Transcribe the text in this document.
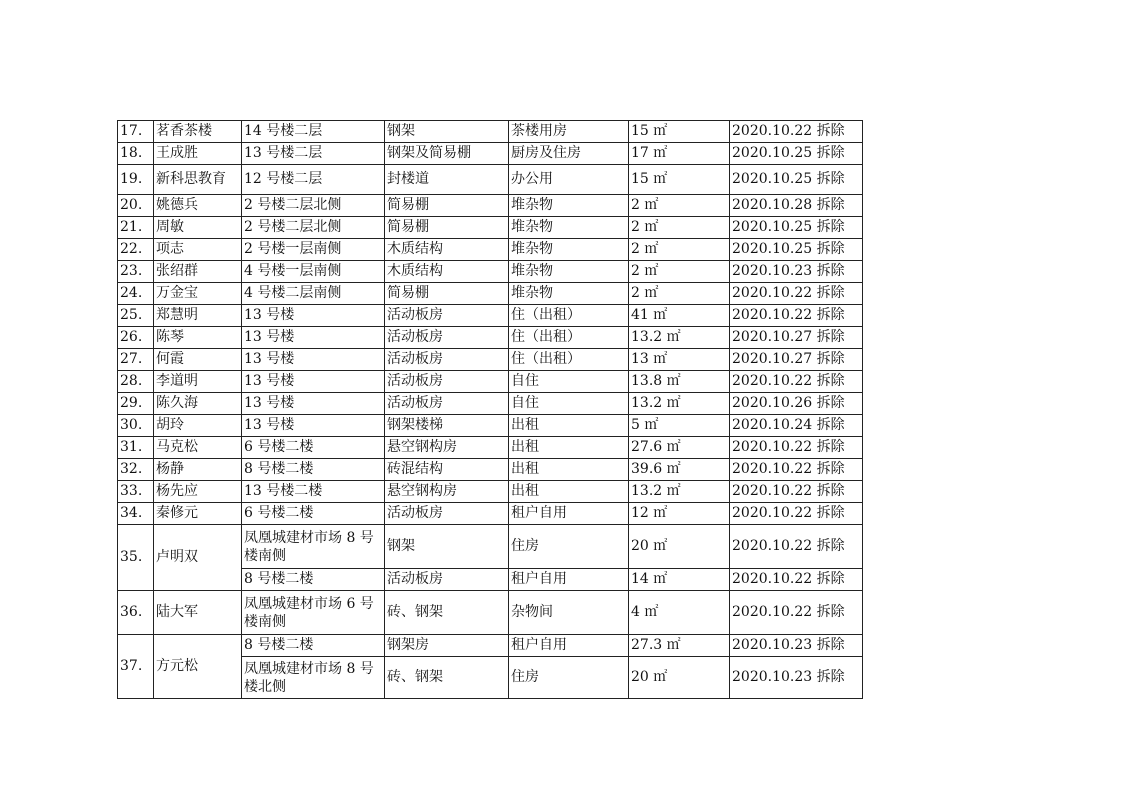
17.	茗香茶楼	14 号楼二层	钢架	茶楼用房	15 ㎡	2020.10.22 拆除
18.	王成胜	13 号楼二层	钢架及简易棚	厨房及住房	17 ㎡	2020.10.25 拆除
19.	新科思教育	12 号楼二层	封楼道	办公用	15 ㎡	2020.10.25 拆除
20.	姚德兵	2 号楼二层北侧	简易棚	堆杂物	2 ㎡	2020.10.28 拆除
21.	周敏	2 号楼二层北侧	简易棚	堆杂物	2 ㎡	2020.10.25 拆除
22.	项志	2 号楼一层南侧	木质结构	堆杂物	2 ㎡	2020.10.25 拆除
23.	张绍群	4 号楼一层南侧	木质结构	堆杂物	2 ㎡	2020.10.23 拆除
24.	万金宝	4 号楼二层南侧	简易棚	堆杂物	2 ㎡	2020.10.22 拆除
25.	郑慧明	13 号楼	活动板房	住（出租）	41 ㎡	2020.10.22 拆除
26.	陈琴	13 号楼	活动板房	住（出租）	13.2 ㎡	2020.10.27 拆除
27.	何霞	13 号楼	活动板房	住（出租）	13 ㎡	2020.10.27 拆除
28.	李道明	13 号楼	活动板房	自住	13.8 ㎡	2020.10.22 拆除
29.	陈久海	13 号楼	活动板房	自住	13.2 ㎡	2020.10.26 拆除
30.	胡玲	13 号楼	钢架楼梯	出租	5 ㎡	2020.10.24 拆除
31.	马克松	6 号楼二楼	悬空钢构房	出租	27.6 ㎡	2020.10.22 拆除
32.	杨静	8 号楼二楼	砖混结构	出租	39.6 ㎡	2020.10.22 拆除
33.	杨先应	13 号楼二楼	悬空钢构房	出租	13.2 ㎡	2020.10.22 拆除
34.	秦修元	6 号楼二楼	活动板房	租户自用	12 ㎡	2020.10.22 拆除
35.	卢明双	凤凰城建材市场 8 号楼南侧	钢架	住房	20 ㎡	2020.10.22 拆除
		8 号楼二楼	活动板房	租户自用	14 ㎡	2020.10.22 拆除
36.	陆大军	凤凰城建材市场 6 号楼南侧	砖、钢架	杂物间	4 ㎡	2020.10.22 拆除
37.	方元松	8 号楼二楼	钢架房	租户自用	27.3 ㎡	2020.10.23 拆除
		凤凰城建材市场 8 号楼北侧	砖、钢架	住房	20 ㎡	2020.10.23 拆除
